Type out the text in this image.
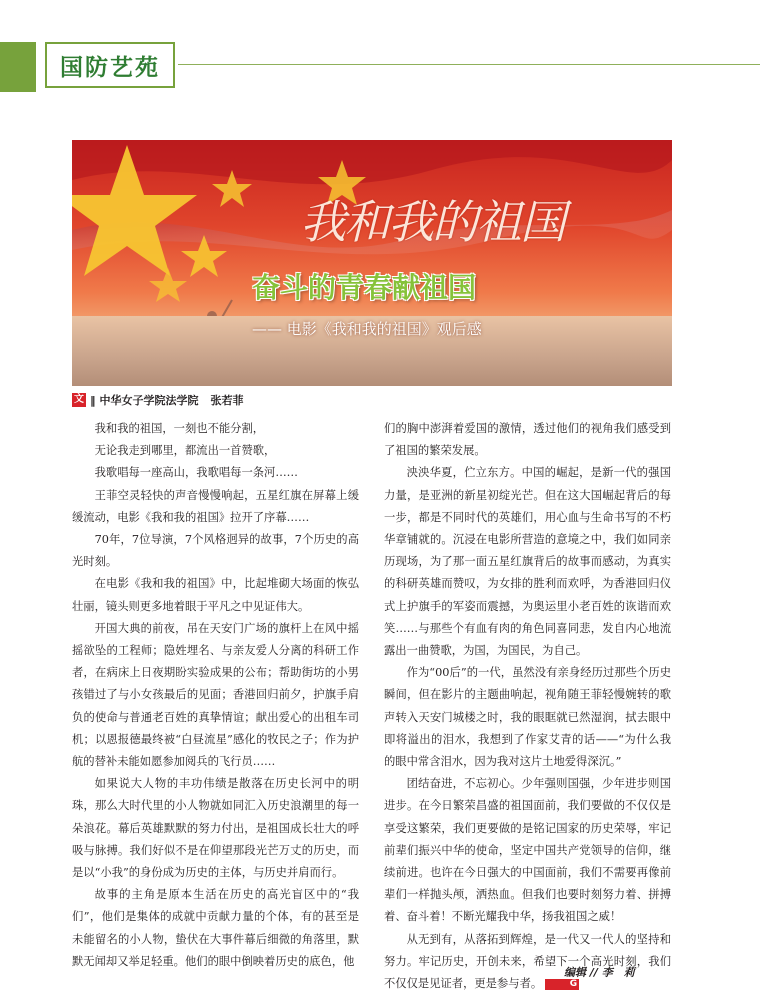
国防艺苑
我和我的祖国
奋斗的青春献祖国
—— 电影《我和我的祖国》观后感
文 ‖ 中华女子学院法学院 张若菲

我和我的祖国，一刻也不能分割，

无论我走到哪里，都流出一首赞歌，

我歌唱每一座高山，我歌唱每一条河……

王菲空灵轻快的声音慢慢响起，五星红旗在屏幕上缓缓流动，电影《我和我的祖国》拉开了序幕……

70年，7位导演，7个风格迥异的故事，7个历史的高光时刻。

在电影《我和我的祖国》中，比起堆砌大场面的恢弘壮丽，镜头则更多地着眼于平凡之中见证伟大。

开国大典的前夜，吊在天安门广场的旗杆上在风中摇摇欲坠的工程师；隐姓埋名、与亲友爱人分离的科研工作者，在病床上日夜期盼实验成果的公布；帮助街坊的小男孩错过了与小女孩最后的见面；香港回归前夕，护旗手肩负的使命与普通老百姓的真挚情谊；献出爱心的出租车司机；以恩报德最终被“白昼流星”感化的牧民之子；作为护航的替补未能如愿参加阅兵的飞行员……

如果说大人物的丰功伟绩是散落在历史长河中的明珠，那么大时代里的小人物就如同汇入历史浪潮里的每一朵浪花。幕后英雄默默的努力付出，是祖国成长壮大的呼吸与脉搏。我们好似不是在仰望那段光芒万丈的历史，而是以“小我”的身份成为历史的主体，与历史并肩而行。

故事的主角是原本生活在历史的高光盲区中的“我们”，他们是集体的成就中贡献力量的个体，有的甚至是未能留名的小人物，蛰伏在大事件幕后细微的角落里，默默无闻却又举足轻重。他们的眼中倒映着历史的底色，他

们的胸中澎湃着爱国的激情，透过他们的视角我们感受到了祖国的繁荣发展。

泱泱华夏，伫立东方。中国的崛起，是新一代的强国力量，是亚洲的新星初绽光芒。但在这大国崛起背后的每一步，都是不同时代的英雄们，用心血与生命书写的不朽华章铺就的。沉浸在电影所营造的意境之中，我们如同亲历现场，为了那一面五星红旗背后的故事而感动，为真实的科研英雄而赞叹，为女排的胜利而欢呼，为香港回归仪式上护旗手的军姿而震撼，为奥运里小老百姓的诙谐而欢笑……与那些个有血有肉的角色同喜同悲，发自内心地流露出一曲赞歌，为国，为国民，为自己。

作为“00后”的一代，虽然没有亲身经历过那些个历史瞬间，但在影片的主题曲响起，视角随王菲轻慢婉转的歌声转入天安门城楼之时，我的眼眶就已然湿润，拭去眼中即将溢出的泪水，我想到了作家艾青的话——“为什么我的眼中常含泪水，因为我对这片土地爱得深沉。”

团结奋进，不忘初心。少年强则国强，少年进步则国进步。在今日繁荣昌盛的祖国面前，我们要做的不仅仅是享受这繁荣，我们更要做的是铭记国家的历史荣辱，牢记前辈们振兴中华的使命，坚定中国共产党领导的信仰，继续前进。也许在今日强大的中国面前，我们不需要再像前辈们一样抛头颅，洒热血。但我们也要时刻努力着、拼搏着、奋斗着！不断光耀我中华，扬我祖国之威！

从无到有，从落拓到辉煌，是一代又一代人的坚持和努力。牢记历史，开创未来，希望下一个高光时刻，我们不仅仅是见证者，更是参与者。	G

编辑 // 李　莉
